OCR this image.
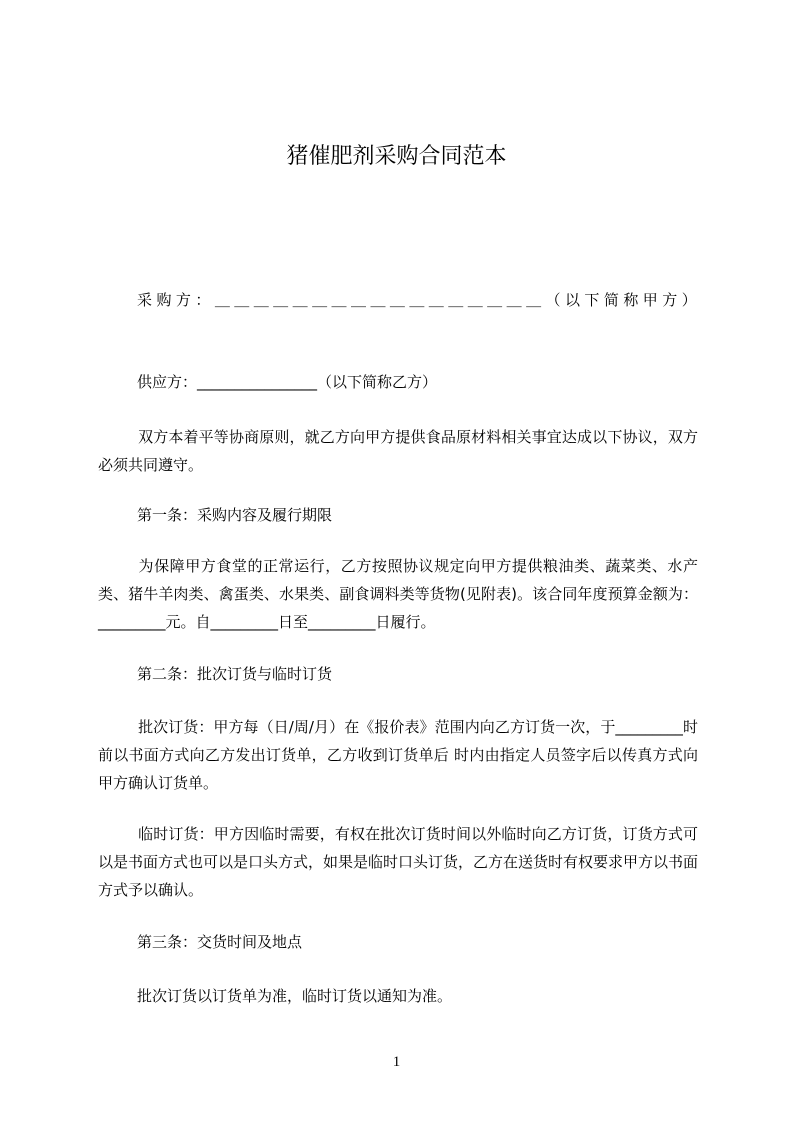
猪催肥剂采购合同范本
采 购 方 ： ＿ ＿ ＿ ＿ ＿ ＿ ＿ ＿ ＿ ＿ ＿ ＿ ＿ ＿ ＿ ＿ ＿ （ 以 下 简 称 甲 方 ）
供应方：________________（以下简称乙方）
双方本着平等协商原则，就乙方向甲方提供食品原材料相关事宜达成以下协议，双方必须共同遵守。
第一条：采购内容及履行期限
为保障甲方食堂的正常运行，乙方按照协议规定向甲方提供粮油类、蔬菜类、水产类、猪牛羊肉类、禽蛋类、水果类、副食调料类等货物(见附表)。该合同年度预算金额为：_________元。自_________日至_________日履行。
第二条：批次订货与临时订货
批次订货：甲方每（日/周/月）在《报价表》范围内向乙方订货一次，于_________时前以书面方式向乙方发出订货单，乙方收到订货单后 时内由指定人员签字后以传真方式向甲方确认订货单。
临时订货：甲方因临时需要，有权在批次订货时间以外临时向乙方订货，订货方式可以是书面方式也可以是口头方式，如果是临时口头订货，乙方在送货时有权要求甲方以书面方式予以确认。
第三条：交货时间及地点
批次订货以订货单为准，临时订货以通知为准。
1
